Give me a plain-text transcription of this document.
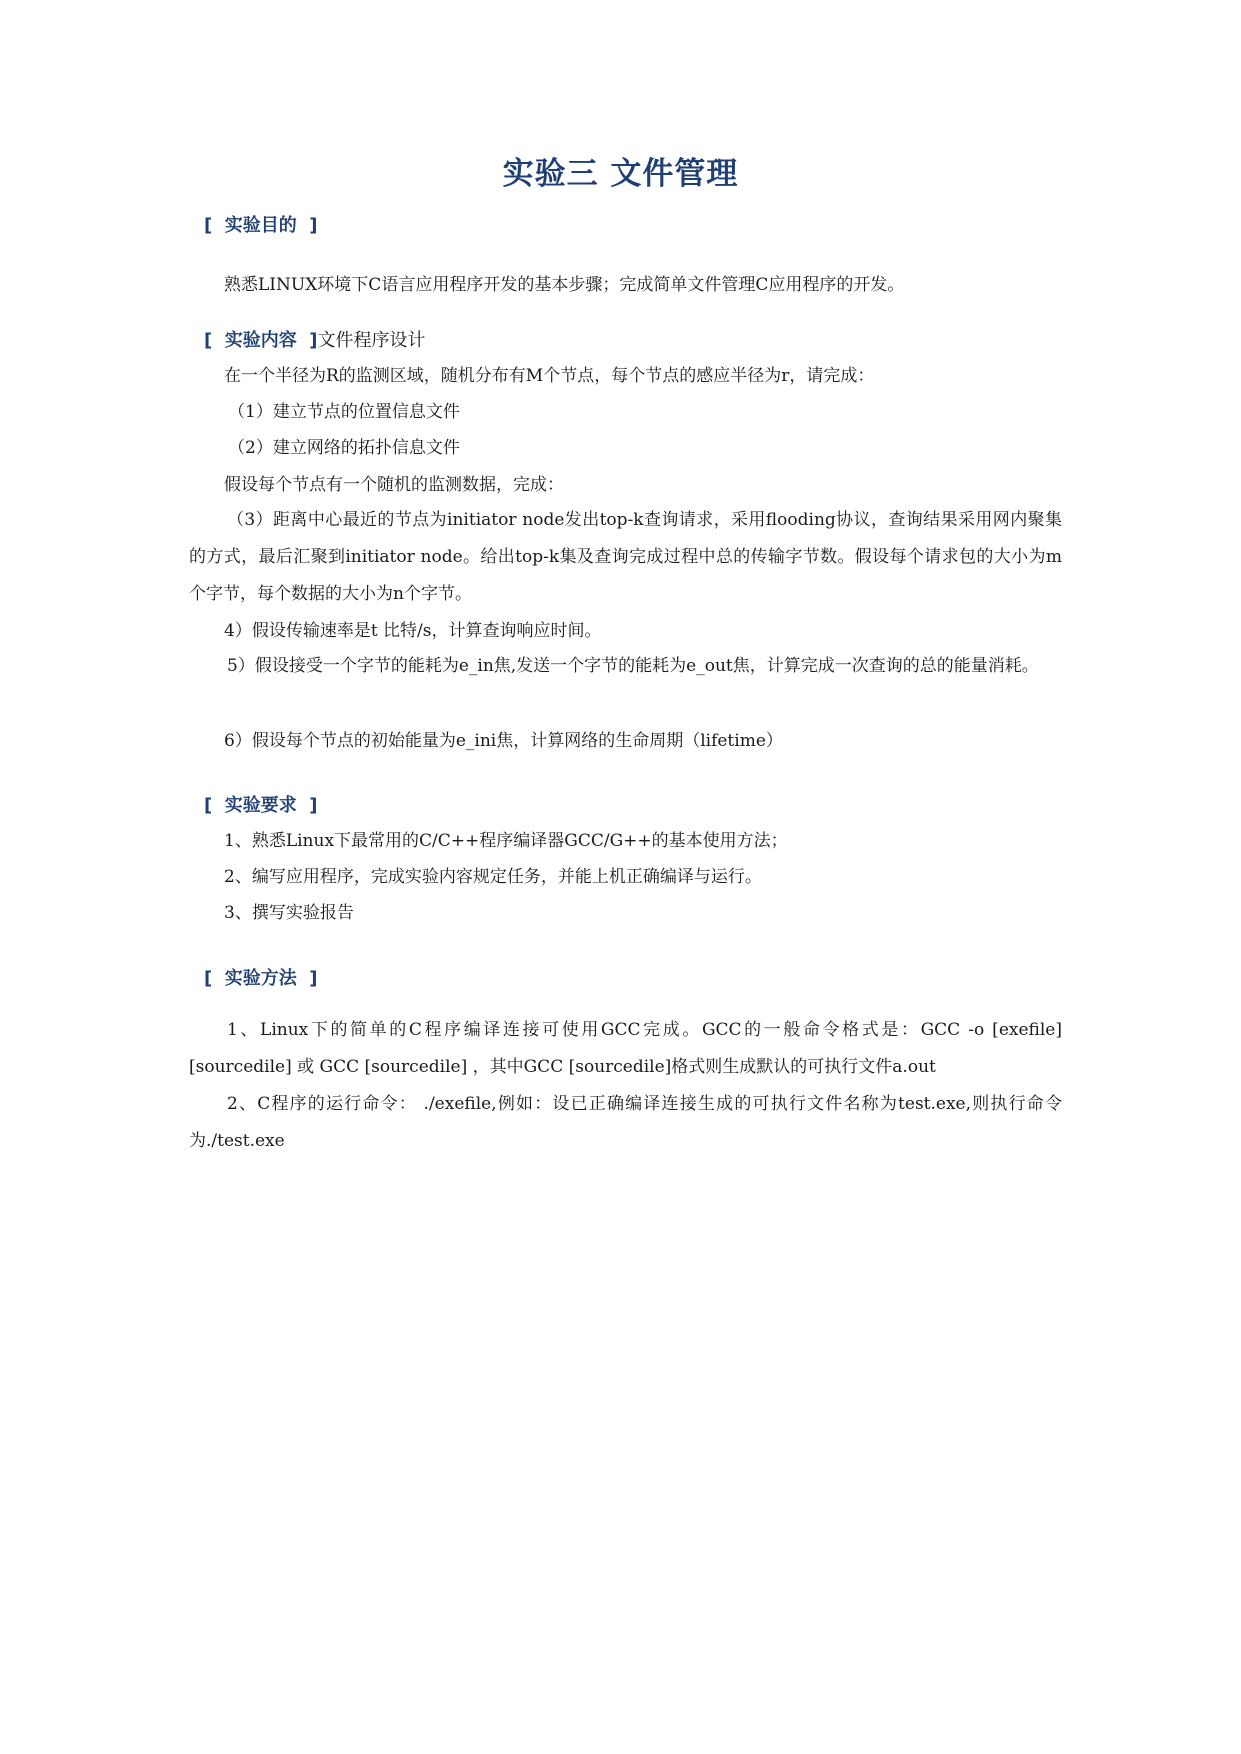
实验三 文件管理
[  实验目的  ]
熟悉LINUX环境下C语言应用程序开发的基本步骤；完成简单文件管理C应用程序的开发。
[  实验内容  ]文件程序设计
在一个半径为R的监测区域，随机分布有M个节点，每个节点的感应半径为r，请完成：
（1）建立节点的位置信息文件
（2）建立网络的拓扑信息文件
假设每个节点有一个随机的监测数据，完成：
（3）距离中心最近的节点为initiator node发出top-k查询请求，采用flooding协议，查询结果采用网内聚集的方式，最后汇聚到initiator node。给出top-k集及查询完成过程中总的传输字节数。假设每个请求包的大小为m个字节，每个数据的大小为n个字节。
4）假设传输速率是t 比特/s，计算查询响应时间。
5）假设接受一个字节的能耗为e_in焦,发送一个字节的能耗为e_out焦，计算完成一次查询的总的能量消耗。
6）假设每个节点的初始能量为e_ini焦，计算网络的生命周期（lifetime）
[  实验要求  ]
1、熟悉Linux下最常用的C/C++程序编译器GCC/G++的基本使用方法；
2、编写应用程序，完成实验内容规定任务，并能上机正确编译与运行。
3、撰写实验报告
[  实验方法  ]
1、Linux下的简单的C程序编译连接可使用GCC完成。GCC的一般命令格式是：GCC -o [exefile] [sourcedile] 或 GCC [sourcedile] ，其中GCC [sourcedile]格式则生成默认的可执行文件a.out
2、C程序的运行命令： ./exefile,例如：设已正确编译连接生成的可执行文件名称为test.exe,则执行命令为./test.exe
